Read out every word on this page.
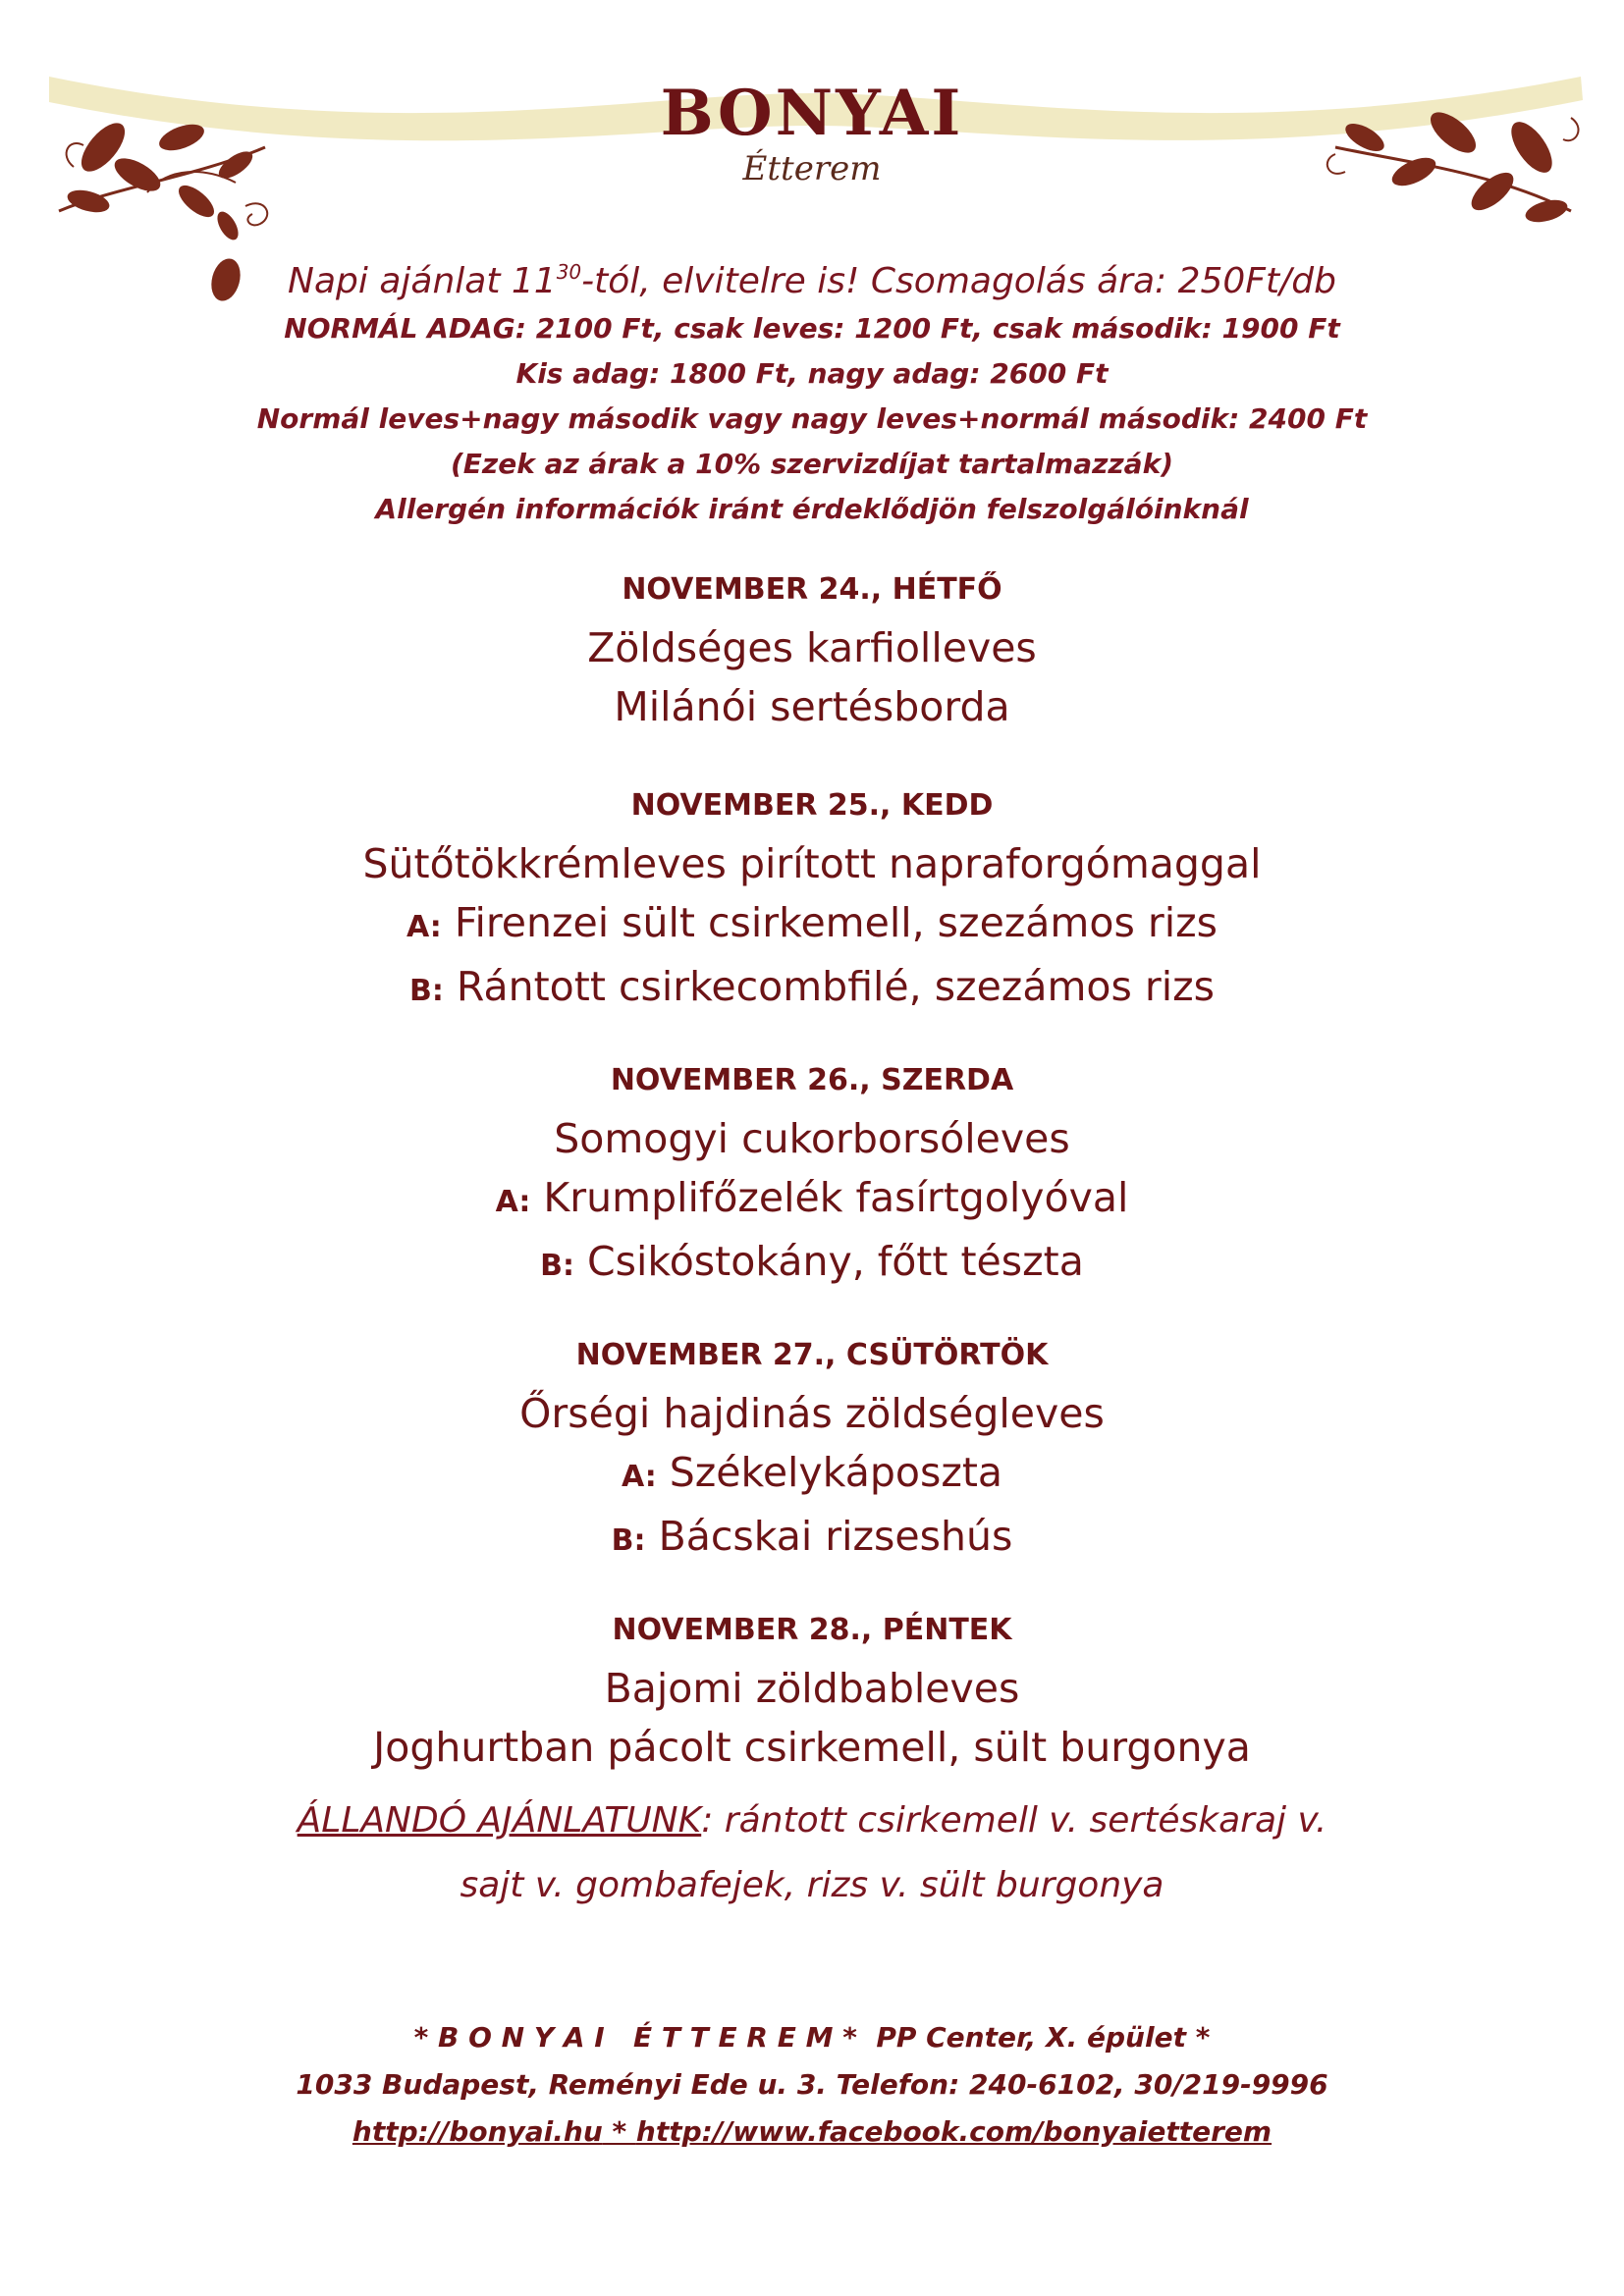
BONYAI
Étterem
Napi ajánlat $11^{30}$-tól, elvitelre is! Csomagolás ára: 250Ft/db
NORMÁL ADAG: 2100 Ft, csak leves: 1200 Ft, csak második: 1900 Ft
Kis adag: 1800 Ft, nagy adag: 2600 Ft
Normál leves+nagy második vagy nagy leves+normál második: 2400 Ft
(Ezek az árak a 10% szervizdíjat tartalmazzák)
Allergén információk iránt érdeklődjön felszolgálóinknál
NOVEMBER 24., HÉTFŐ
Zöldséges karfiolleves
Milánói sertésborda
NOVEMBER 25., KEDD
Sütőtökkrémleves pirított napraforgómaggal
A: Firenzei sült csirkemell, szezámos rizs
B: Rántott csirkecombfilé, szezámos rizs
NOVEMBER 26., SZERDA
Somogyi cukorborsóleves
A: Krumplifőzelék fasírtgolyóval
B: Csikóstokány, főtt tészta
NOVEMBER 27., CSÜTÖRTÖK
Őrségi hajdinás zöldségleves
A: Székelykáposzta
B: Bácskai rizseshús
NOVEMBER 28., PÉNTEK
Bajomi zöldbableves
Joghurtban pácolt csirkemell, sült burgonya
ÁLLANDÓ AJÁNLATUNK: rántott csirkemell v. sertéskaraj v.
sajt v. gombafejek, rizs v. sült burgonya
* B O N Y A I   É T T E R E M *  PP Center, X. épület *
1033 Budapest, Reményi Ede u. 3. Telefon: 240-6102, 30/219-9996
http://bonyai.hu * http://www.facebook.com/bonyaietterem
